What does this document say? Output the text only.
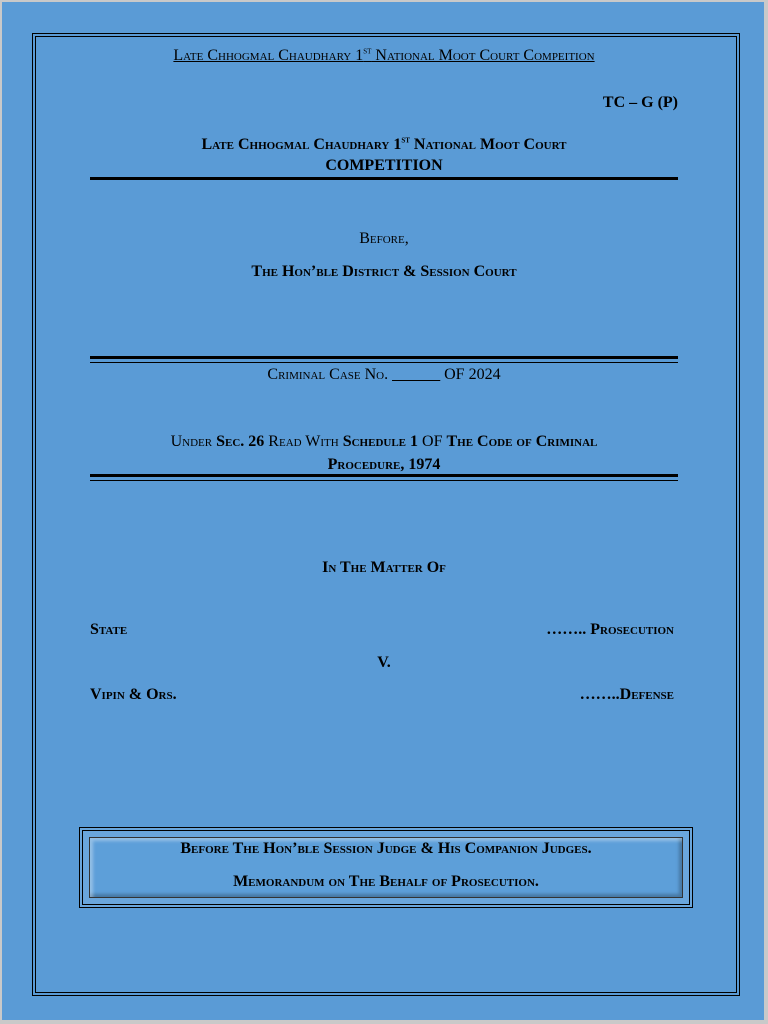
Late Chhogmal Chaudhary 1st National Moot Court Compeition
TC – G (P)
Late Chhogmal Chaudhary 1st National Moot Court
COMPETITION
Before,
The Hon’ble District & Session Court
Criminal Case No. ______ OF 2024
Under Sec. 26 Read With Schedule 1 OF The Code of Criminal
Procedure, 1974
In The Matter Of
State	…….. Prosecution
V.
Vipin & Ors.	……..Defense
Before The Hon’ble Session Judge & His Companion Judges.
Memorandum on The Behalf of Prosecution.
